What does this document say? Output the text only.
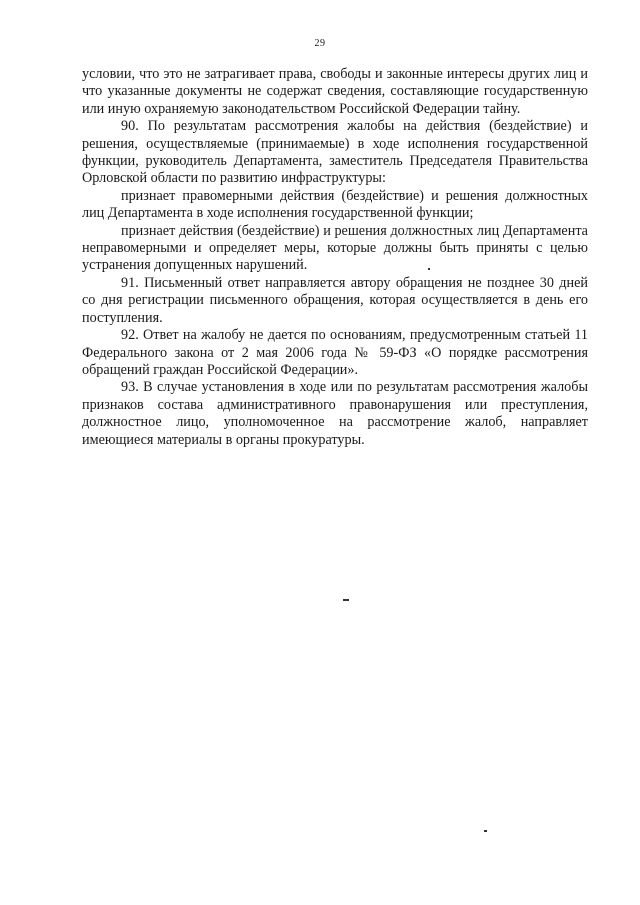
29

условии, что это не затрагивает права, свободы и законные интересы других лиц и что указанные документы не содержат сведения, составляющие государственную или иную охраняемую законодательством Российской Федерации тайну.

90. По результатам рассмотрения жалобы на действия (бездействие) и решения, осуществляемые (принимаемые) в ходе исполнения государственной функции, руководитель Департамента, заместитель Председателя Правительства Орловской области по развитию инфраструктуры:

признает правомерными действия (бездействие) и решения должностных лиц Департамента в ходе исполнения государственной функции;

признает действия (бездействие) и решения должностных лиц Департамента неправомерными и определяет меры, которые должны быть приняты с целью устранения допущенных нарушений.

91. Письменный ответ направляется автору обращения не позднее 30 дней со дня регистрации письменного обращения, которая осуществляется в день его поступления.

92. Ответ на жалобу не дается по основаниям, предусмотренным статьей 11 Федерального закона от 2 мая 2006 года № 59-ФЗ «О порядке рассмотрения обращений граждан Российской Федерации».

93. В случае установления в ходе или по результатам рассмотрения жалобы признаков состава административного правонарушения или преступления, должностное лицо, уполномоченное на рассмотрение жалоб, направляет имеющиеся материалы в органы прокуратуры.
